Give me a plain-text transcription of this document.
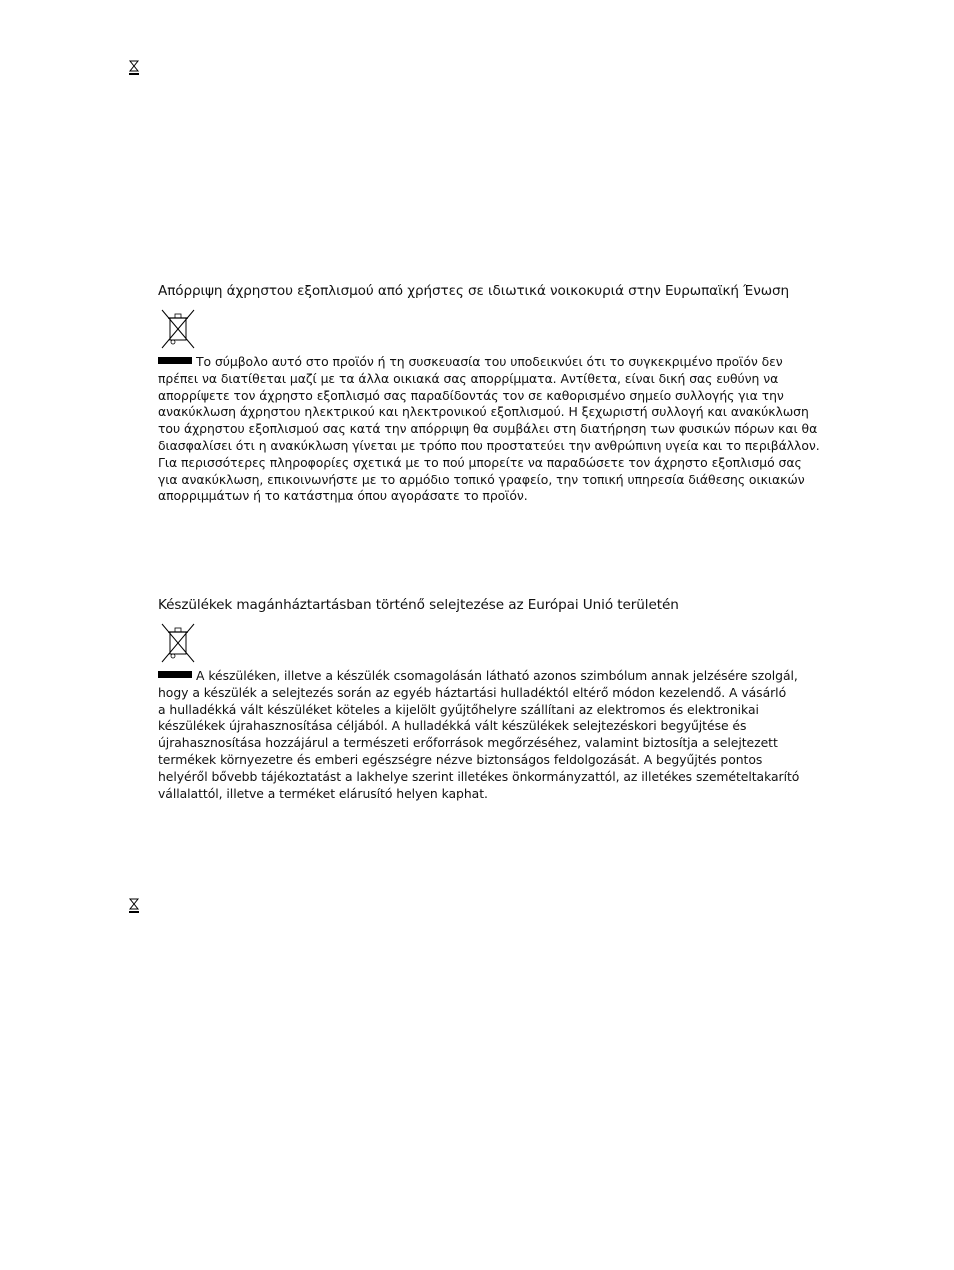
Απόρριψη άχρηστου εξοπλισμού από χρήστες σε ιδιωτικά νοικοκυριά στην Ευρωπαϊκή Ένωση
Το σύμβολο αυτό στο προϊόν ή τη συσκευασία του υποδεικνύει ότι το συγκεκριμένο προϊόν δεν
πρέπει να διατίθεται μαζί με τα άλλα οικιακά σας απορρίμματα. Αντίθετα, είναι δική σας ευθύνη να
απορρίψετε τον άχρηστο εξοπλισμό σας παραδίδοντάς τον σε καθορισμένο σημείο συλλογής για την
ανακύκλωση άχρηστου ηλεκτρικού και ηλεκτρονικού εξοπλισμού. Η ξεχωριστή συλλογή και ανακύκλωση
του άχρηστου εξοπλισμού σας κατά την απόρριψη θα συμβάλει στη διατήρηση των φυσικών πόρων και θα
διασφαλίσει ότι η ανακύκλωση γίνεται με τρόπο που προστατεύει την ανθρώπινη υγεία και το περιβάλλον.
Για περισσότερες πληροφορίες σχετικά με το πού μπορείτε να παραδώσετε τον άχρηστο εξοπλισμό σας
για ανακύκλωση, επικοινωνήστε με το αρμόδιο τοπικό γραφείο, την τοπική υπηρεσία διάθεσης οικιακών
απορριμμάτων ή το κατάστημα όπου αγοράσατε το προϊόν.
Készülékek magánháztartásban történő selejtezése az Európai Unió területén
A készüléken, illetve a készülék csomagolásán látható azonos szimbólum annak jelzésére szolgál,
hogy a készülék a selejtezés során az egyéb háztartási hulladéktól eltérő módon kezelendő. A vásárló
a hulladékká vált készüléket köteles a kijelölt gyűjtőhelyre szállítani az elektromos és elektronikai
készülékek újrahasznosítása céljából. A hulladékká vált készülékek selejtezéskori begyűjtése és
újrahasznosítása hozzájárul a természeti erőforrások megőrzéséhez, valamint biztosítja a selejtezett
termékek környezetre és emberi egészségre nézve biztonságos feldolgozását. A begyűjtés pontos
helyéről bővebb tájékoztatást a lakhelye szerint illetékes önkormányzattól, az illetékes szemételtakarító
vállalattól, illetve a terméket elárusító helyen kaphat.
